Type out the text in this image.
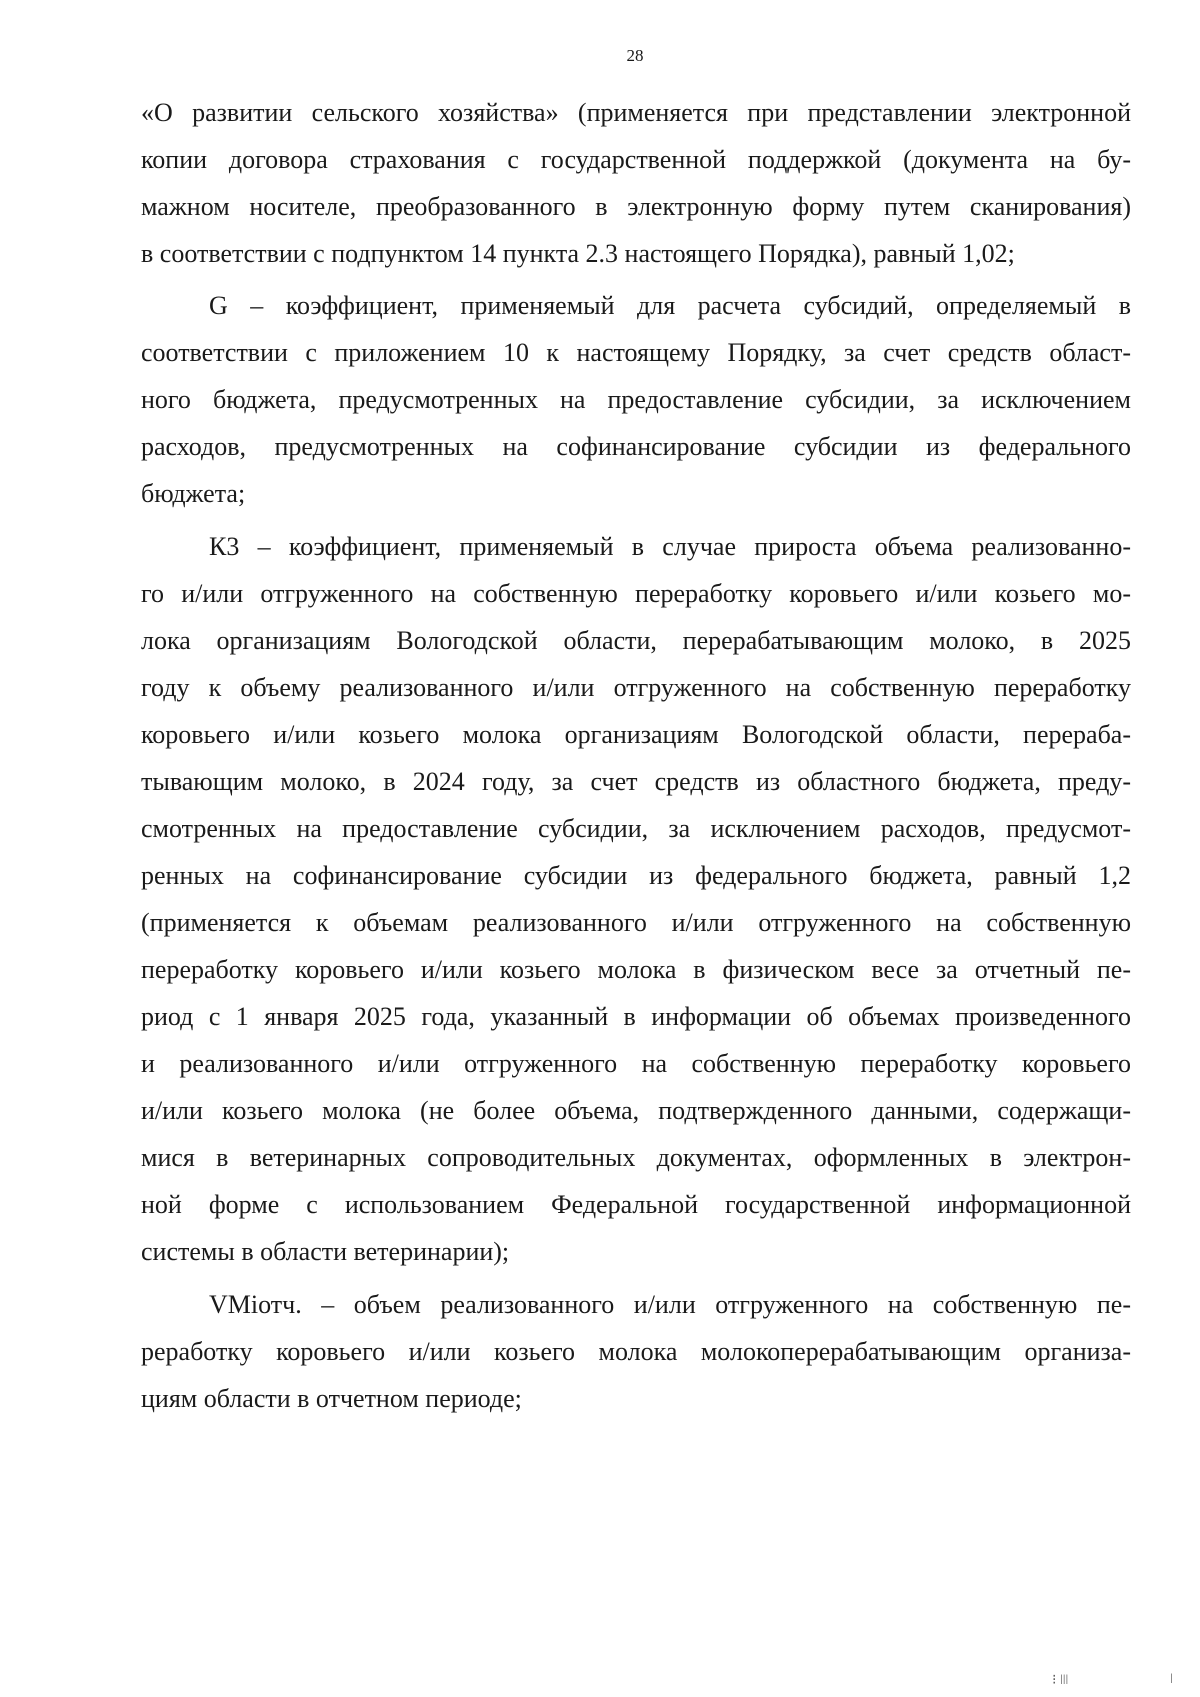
28
«О развитии сельского хозяйства» (применяется при представлении электронной
копии договора страхования с государственной поддержкой (документа на бу-
мажном носителе, преобразованного в электронную форму путем сканирования)
в соответствии с подпунктом 14 пункта 2.3 настоящего Порядка), равный 1,02;
G – коэффициент, применяемый для расчета субсидий, определяемый в
соответствии с приложением 10 к настоящему Порядку, за счет средств област-
ного бюджета, предусмотренных на предоставление субсидии, за исключением
расходов, предусмотренных на софинансирование субсидии из федерального
бюджета;
К3 – коэффициент, применяемый в случае прироста объема реализованно-
го и/или отгруженного на собственную переработку коровьего и/или козьего мо-
лока организациям Вологодской области, перерабатывающим молоко, в 2025
году к объему реализованного и/или отгруженного на собственную переработку
коровьего и/или козьего молока организациям Вологодской области, перераба-
тывающим молоко, в 2024 году, за счет средств из областного бюджета, преду-
смотренных на предоставление субсидии, за исключением расходов, предусмот-
ренных на софинансирование субсидии из федерального бюджета, равный 1,2
(применяется к объемам реализованного и/или отгруженного на собственную
переработку коровьего и/или козьего молока в физическом весе за отчетный пе-
риод с 1 января 2025 года, указанный в информации об объемах произведенного
и реализованного и/или отгруженного на собственную переработку коровьего
и/или козьего молока (не более объема, подтвержденного данными, содержащи-
мися в ветеринарных сопроводительных документах, оформленных в электрон-
ной форме с использованием Федеральной государственной информационной
системы в области ветеринарии);
VMiотч. – объем реализованного и/или отгруженного на собственную пе-
реработку коровьего и/или козьего молока молокоперерабатывающим организа-
циям области в отчетном периоде;
⁝ ǀǀǀ	ǀ
